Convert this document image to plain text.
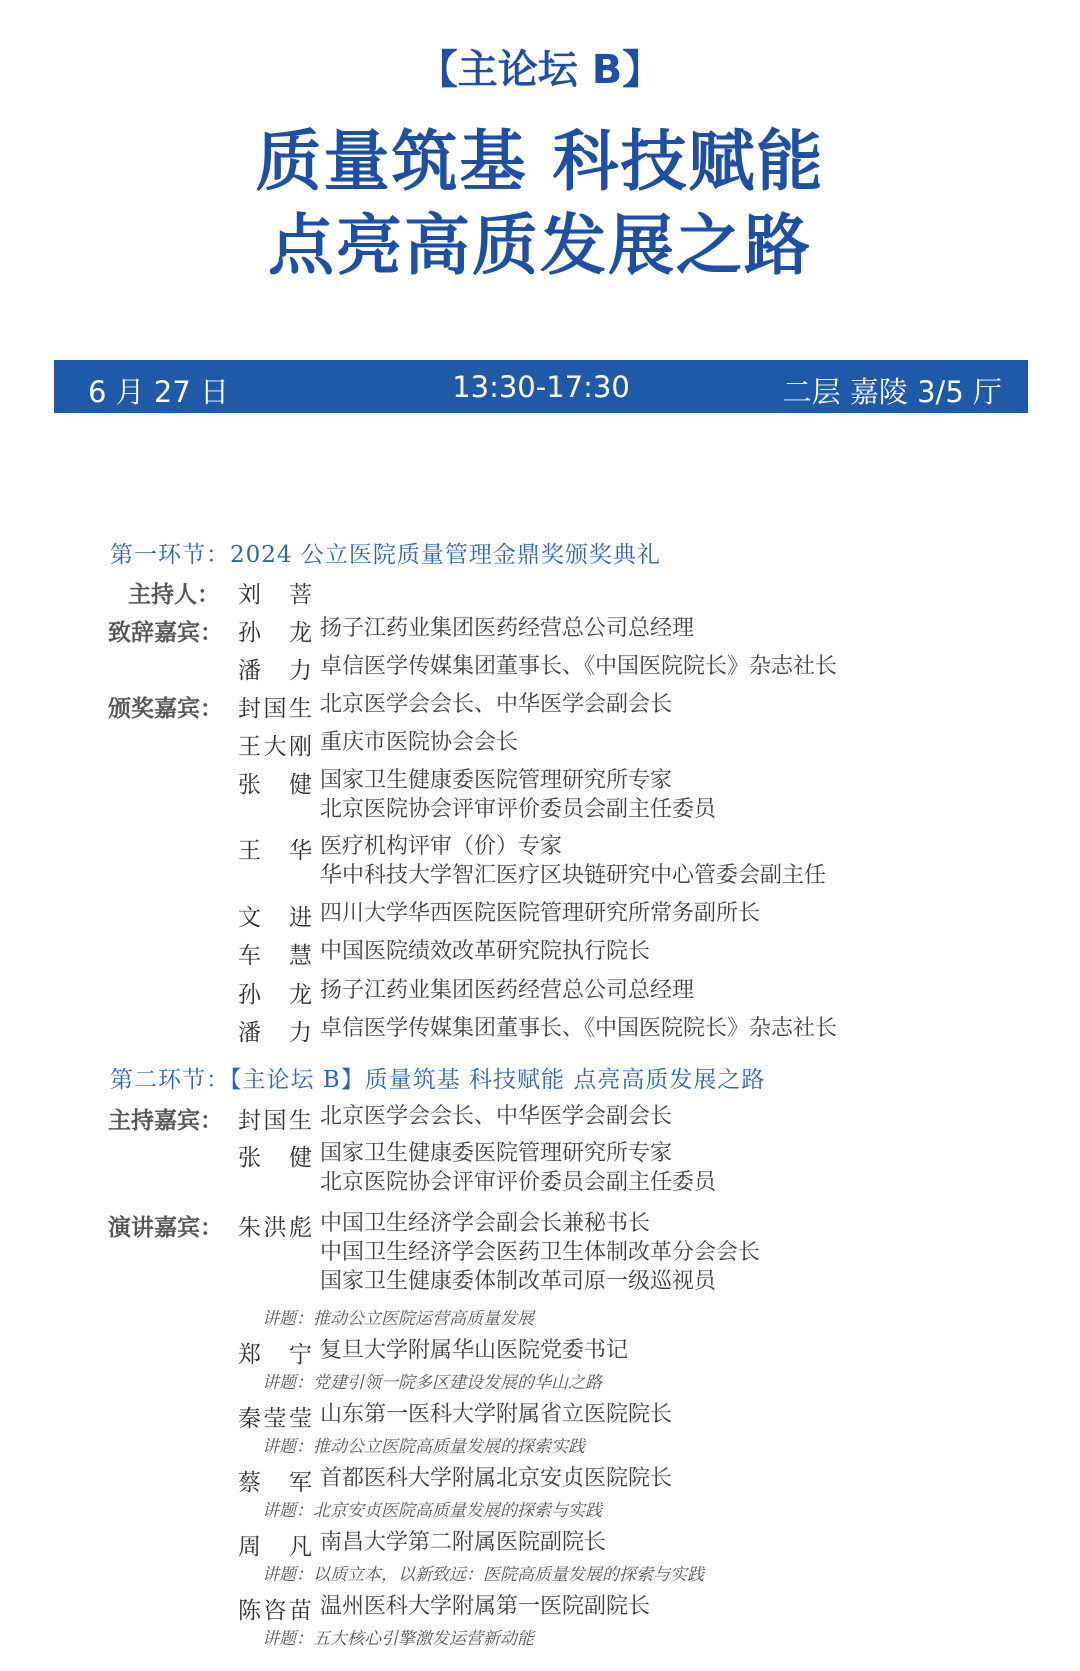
【主论坛 B】
质量筑基 科技赋能
点亮高质发展之路
6 月 27 日	13:30-17:30	二层 嘉陵 3/5 厅
第一环节：2024 公立医院质量管理金鼎奖颁奖典礼
主持人： 刘　菩
致辞嘉宾： 孙　龙 扬子江药业集团医药经营总公司总经理
潘　力 卓信医学传媒集团董事长、《中国医院院长》杂志社长
颁奖嘉宾： 封国生 北京医学会会长、中华医学会副会长
王大刚 重庆市医院协会会长
张　健 国家卫生健康委医院管理研究所专家
北京医院协会评审评价委员会副主任委员
王　华 医疗机构评审（价）专家
华中科技大学智汇医疗区块链研究中心管委会副主任
文　进 四川大学华西医院医院管理研究所常务副所长
车　慧 中国医院绩效改革研究院执行院长
孙　龙 扬子江药业集团医药经营总公司总经理
潘　力 卓信医学传媒集团董事长、《中国医院院长》杂志社长
第二环节：【主论坛 B】质量筑基 科技赋能 点亮高质发展之路
主持嘉宾： 封国生 北京医学会会长、中华医学会副会长
张　健 国家卫生健康委医院管理研究所专家
北京医院协会评审评价委员会副主任委员
演讲嘉宾： 朱洪彪 中国卫生经济学会副会长兼秘书长
中国卫生经济学会医药卫生体制改革分会会长
国家卫生健康委体制改革司原一级巡视员
讲题：推动公立医院运营高质量发展
郑　宁 复旦大学附属华山医院党委书记
讲题：党建引领一院多区建设发展的华山之路
秦莹莹 山东第一医科大学附属省立医院院长
讲题：推动公立医院高质量发展的探索实践
蔡　军 首都医科大学附属北京安贞医院院长
讲题：北京安贞医院高质量发展的探索与实践
周　凡 南昌大学第二附属医院副院长
讲题：以质立本，以新致远：医院高质量发展的探索与实践
陈咨苗 温州医科大学附属第一医院副院长
讲题：五大核心引擎激发运营新动能
